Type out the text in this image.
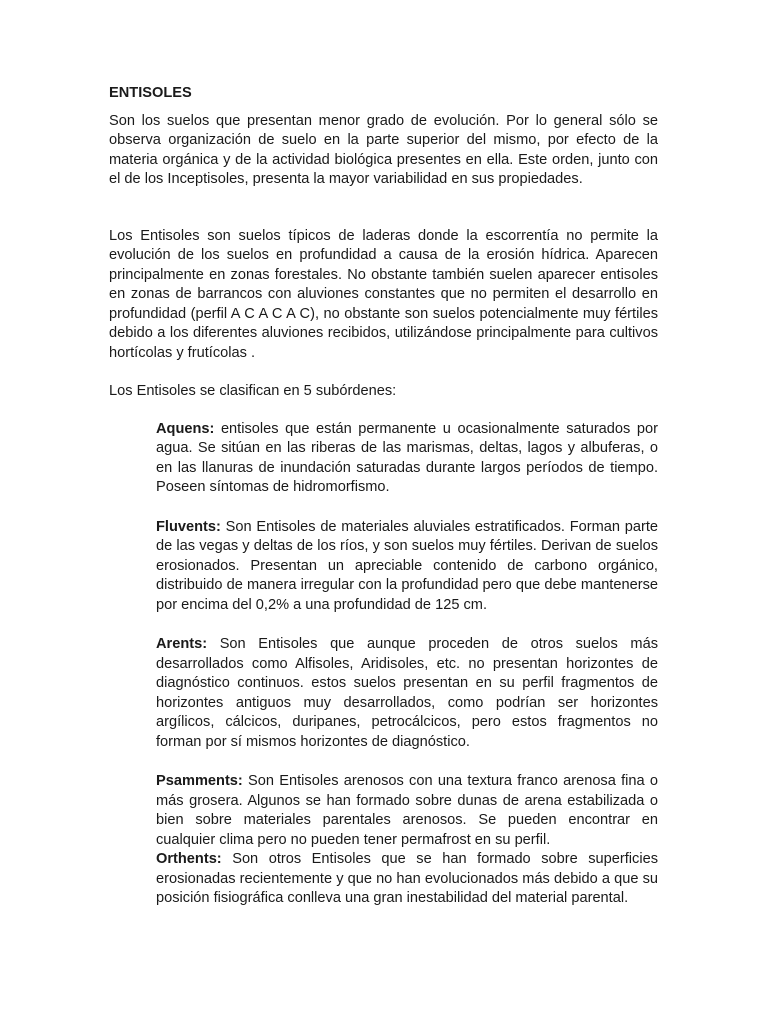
ENTISOLES

Son los suelos que presentan menor grado de evolución. Por lo general sólo se observa organización de suelo en la parte superior del mismo, por efecto de la materia orgánica y de la actividad biológica presentes en ella. Este orden, junto con el de los Inceptisoles, presenta la mayor variabilidad en sus propiedades.

Los Entisoles son suelos típicos de laderas donde la escorrentía no permite la evolución de los suelos en profundidad a causa de la erosión hídrica. Aparecen principalmente en zonas forestales. No obstante también suelen aparecer entisoles en zonas de barrancos con aluviones constantes que no permiten el desarrollo en profundidad (perfil A C A C A C), no obstante son suelos potencialmente muy fértiles debido a los diferentes aluviones recibidos, utilizándose principalmente para cultivos hortícolas y frutícolas .

Los Entisoles se clasifican en 5 subórdenes:

Aquens: entisoles que están permanente u ocasionalmente saturados por agua. Se sitúan en las riberas de las marismas, deltas, lagos y albuferas, o en las llanuras de inundación saturadas durante largos períodos de tiempo. Poseen síntomas de hidromorfismo.

Fluvents: Son Entisoles de materiales aluviales estratificados. Forman parte de las vegas y deltas de los ríos, y son suelos muy fértiles. Derivan de suelos erosionados. Presentan un apreciable contenido de carbono orgánico, distribuido de manera irregular con la profundidad pero que debe mantenerse por encima del 0,2% a una profundidad de 125 cm.

Arents: Son Entisoles que aunque proceden de otros suelos más desarrollados como Alfisoles, Aridisoles, etc. no presentan horizontes de diagnóstico continuos. estos suelos presentan en su perfil fragmentos de horizontes antiguos muy desarrollados, como podrían ser horizontes argílicos, cálcicos, duripanes, petrocálcicos, pero estos fragmentos no forman por sí mismos horizontes de diagnóstico.

Psamments: Son Entisoles arenosos con una textura franco arenosa fina o más grosera. Algunos se han formado sobre dunas de arena estabilizada o bien sobre materiales parentales arenosos. Se pueden encontrar en cualquier clima pero no pueden tener permafrost en su perfil.

Orthents: Son otros Entisoles que se han formado sobre superficies erosionadas recientemente y que no han evolucionados más debido a que su posición fisiográfica conlleva una gran inestabilidad del material parental.
